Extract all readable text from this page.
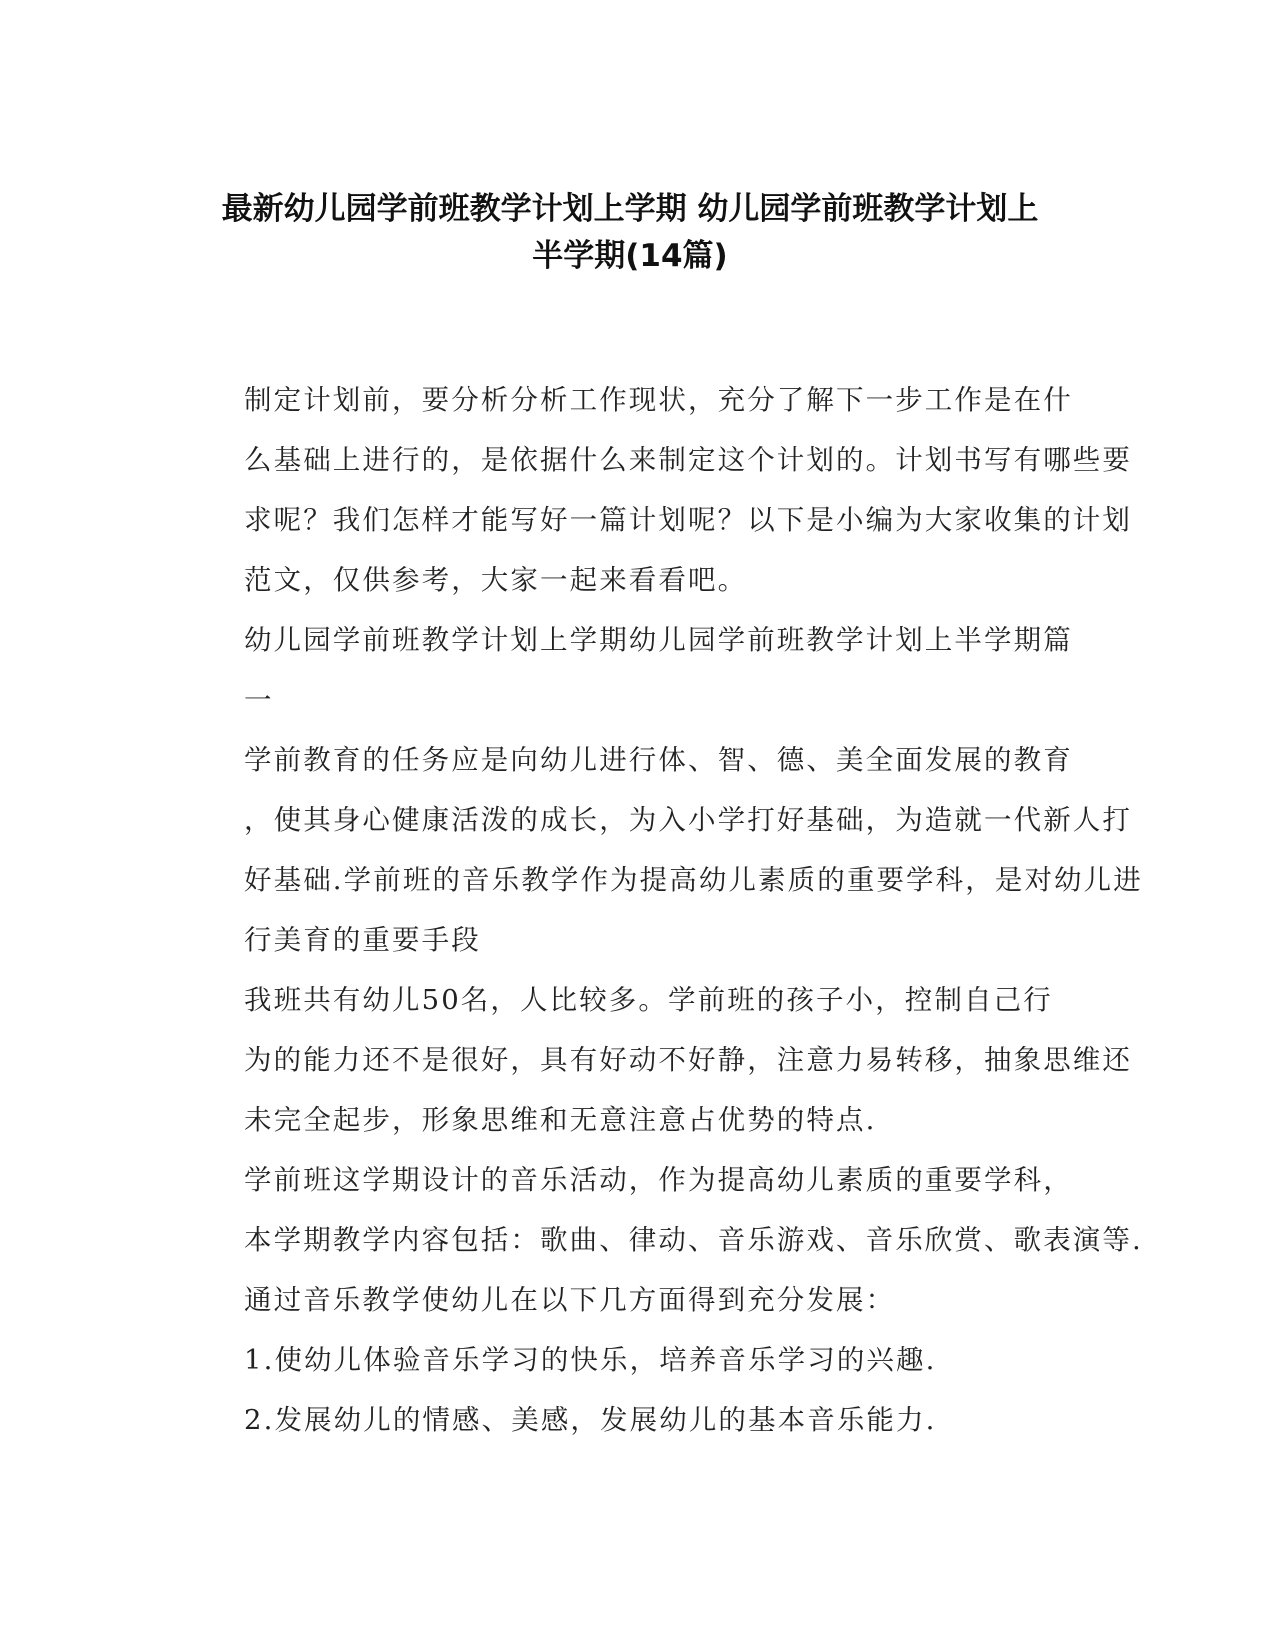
最新幼儿园学前班教学计划上学期 幼儿园学前班教学计划上
半学期(14篇)

制定计划前，要分析分析工作现状，充分了解下一步工作是在什
么基础上进行的，是依据什么来制定这个计划的。计划书写有哪些要
求呢？我们怎样才能写好一篇计划呢？以下是小编为大家收集的计划
范文，仅供参考，大家一起来看看吧。

幼儿园学前班教学计划上学期幼儿园学前班教学计划上半学期篇
一

学前教育的任务应是向幼儿进行体、智、德、美全面发展的教育
，使其身心健康活泼的成长，为入小学打好基础，为造就一代新人打
好基础.学前班的音乐教学作为提高幼儿素质的重要学科，是对幼儿进
行美育的重要手段

我班共有幼儿50名，人比较多。学前班的孩子小，控制自己行
为的能力还不是很好，具有好动不好静，注意力易转移，抽象思维还
未完全起步，形象思维和无意注意占优势的特点.

学前班这学期设计的音乐活动，作为提高幼儿素质的重要学科，
本学期教学内容包括：歌曲、律动、音乐游戏、音乐欣赏、歌表演等.

通过音乐教学使幼儿在以下几方面得到充分发展：

1.使幼儿体验音乐学习的快乐，培养音乐学习的兴趣.

2.发展幼儿的情感、美感，发展幼儿的基本音乐能力.
